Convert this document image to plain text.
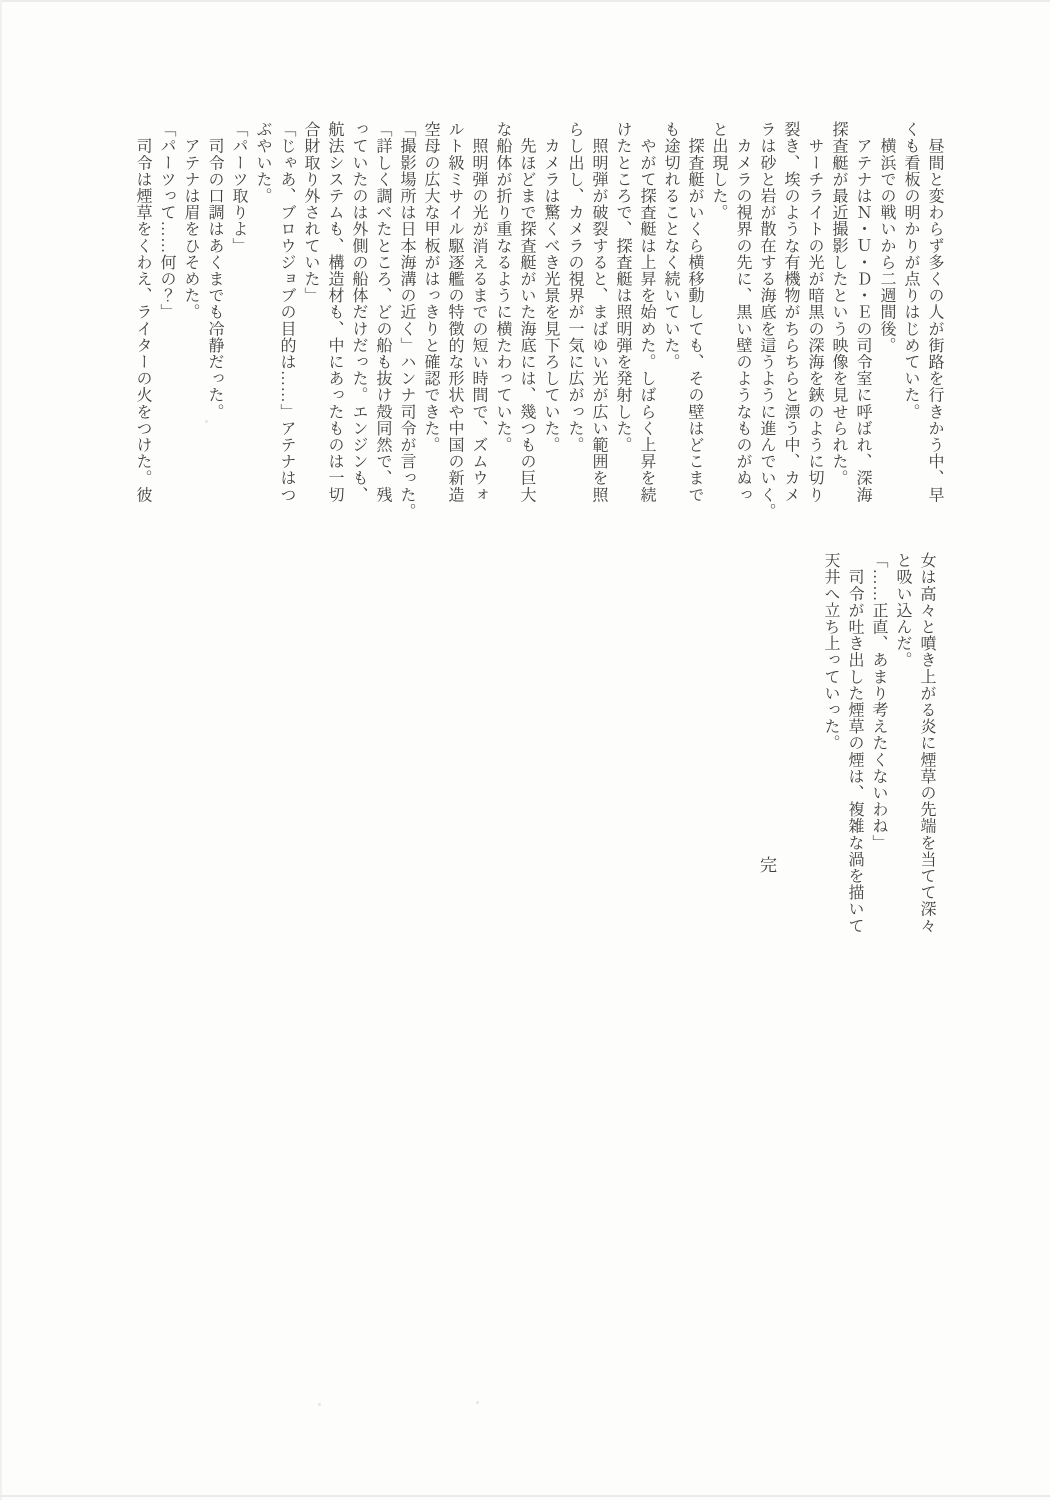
　昼間と変わらず多くの人が街路を行きかう中、早
くも看板の明かりが点りはじめていた。
　横浜での戦いから二週間後。
　アテナはＮ・Ｕ・Ｄ・Ｅの司令室に呼ばれ、深海
探査艇が最近撮影したという映像を見せられた。
　サーチライトの光が暗黒の深海を鋏のように切り
裂き、埃のような有機物がちらちらと漂う中、カメ
ラは砂と岩が散在する海底を這うように進んでいく。
　カメラの視界の先に、黒い壁のようなものがぬっ
と出現した。
　探査艇がいくら横移動しても、その壁はどこまで
も途切れることなく続いていた。
　やがて探査艇は上昇を始めた。しばらく上昇を続
けたところで、探査艇は照明弾を発射した。
　照明弾が破裂すると、まばゆい光が広い範囲を照
らし出し、カメラの視界が一気に広がった。
　カメラは驚くべき光景を見下ろしていた。
　先ほどまで探査艇がいた海底には、幾つもの巨大
な船体が折り重なるように横たわっていた。
　照明弾の光が消えるまでの短い時間で、ズムウォ
ルト級ミサイル駆逐艦の特徴的な形状や中国の新造
空母の広大な甲板がはっきりと確認できた。
「撮影場所は日本海溝の近く」ハンナ司令が言った。
「詳しく調べたところ、どの船も抜け殻同然で、残
っていたのは外側の船体だけだった。エンジンも、
航法システムも、構造材も、中にあったものは一切
合財取り外されていた」
「じゃあ、ブロウジョブの目的は……」アテナはつ
ぶやいた。
「パーツ取りよ」
　司令の口調はあくまでも冷静だった。
　アテナは眉をひそめた。
「パーツって……何の？」
　司令は煙草をくわえ、ライターの火をつけた。彼
女は高々と噴き上がる炎に煙草の先端を当てて深々
と吸い込んだ。
「……正直、あまり考えたくないわね」
　司令が吐き出した煙草の煙は、複雑な渦を描いて
天井へ立ち上っていった。
完
